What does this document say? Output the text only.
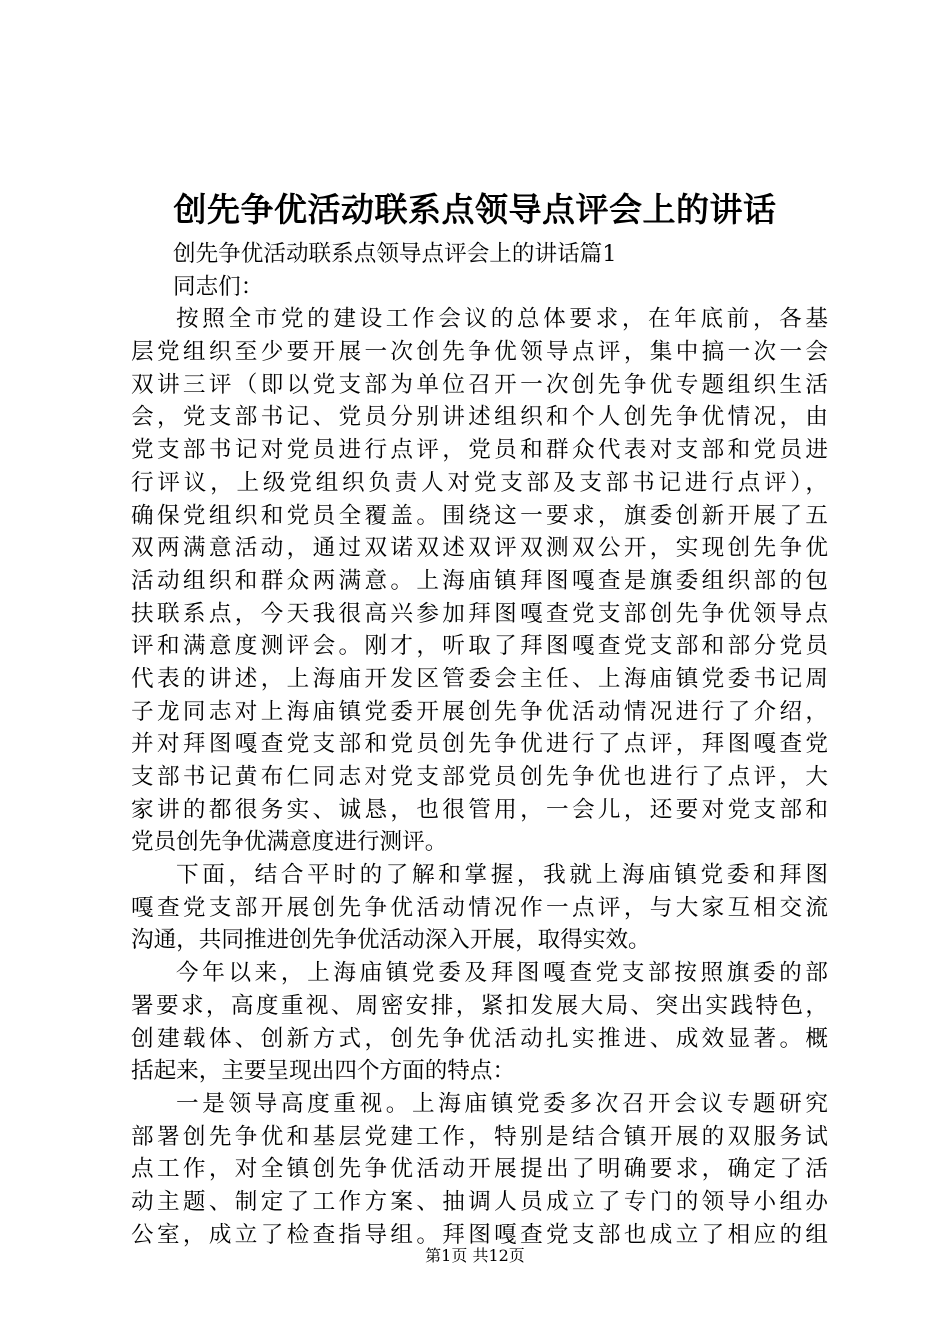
创先争优活动联系点领导点评会上的讲话
创先争优活动联系点领导点评会上的讲话篇1
同志们：
按照全市党的建设工作会议的总体要求，在年底前，各基
层党组织至少要开展一次创先争优领导点评，集中搞一次一会
双讲三评（即以党支部为单位召开一次创先争优专题组织生活
会，党支部书记、党员分别讲述组织和个人创先争优情况，由
党支部书记对党员进行点评，党员和群众代表对支部和党员进
行评议，上级党组织负责人对党支部及支部书记进行点评），
确保党组织和党员全覆盖。围绕这一要求，旗委创新开展了五
双两满意活动，通过双诺双述双评双测双公开，实现创先争优
活动组织和群众两满意。上海庙镇拜图嘎查是旗委组织部的包
扶联系点，今天我很高兴参加拜图嘎查党支部创先争优领导点
评和满意度测评会。刚才，听取了拜图嘎查党支部和部分党员
代表的讲述，上海庙开发区管委会主任、上海庙镇党委书记周
子龙同志对上海庙镇党委开展创先争优活动情况进行了介绍，
并对拜图嘎查党支部和党员创先争优进行了点评，拜图嘎查党
支部书记黄布仁同志对党支部党员创先争优也进行了点评，大
家讲的都很务实、诚恳，也很管用，一会儿，还要对党支部和
党员创先争优满意度进行测评。
下面，结合平时的了解和掌握，我就上海庙镇党委和拜图
嘎查党支部开展创先争优活动情况作一点评，与大家互相交流
沟通，共同推进创先争优活动深入开展，取得实效。
今年以来，上海庙镇党委及拜图嘎查党支部按照旗委的部
署要求，高度重视、周密安排，紧扣发展大局、突出实践特色，
创建载体、创新方式，创先争优活动扎实推进、成效显著。概
括起来，主要呈现出四个方面的特点：
一是领导高度重视。上海庙镇党委多次召开会议专题研究
部署创先争优和基层党建工作，特别是结合镇开展的双服务试
点工作，对全镇创先争优活动开展提出了明确要求，确定了活
动主题、制定了工作方案、抽调人员成立了专门的领导小组办
公室，成立了检查指导组。拜图嘎查党支部也成立了相应的组
第1页 共12页
